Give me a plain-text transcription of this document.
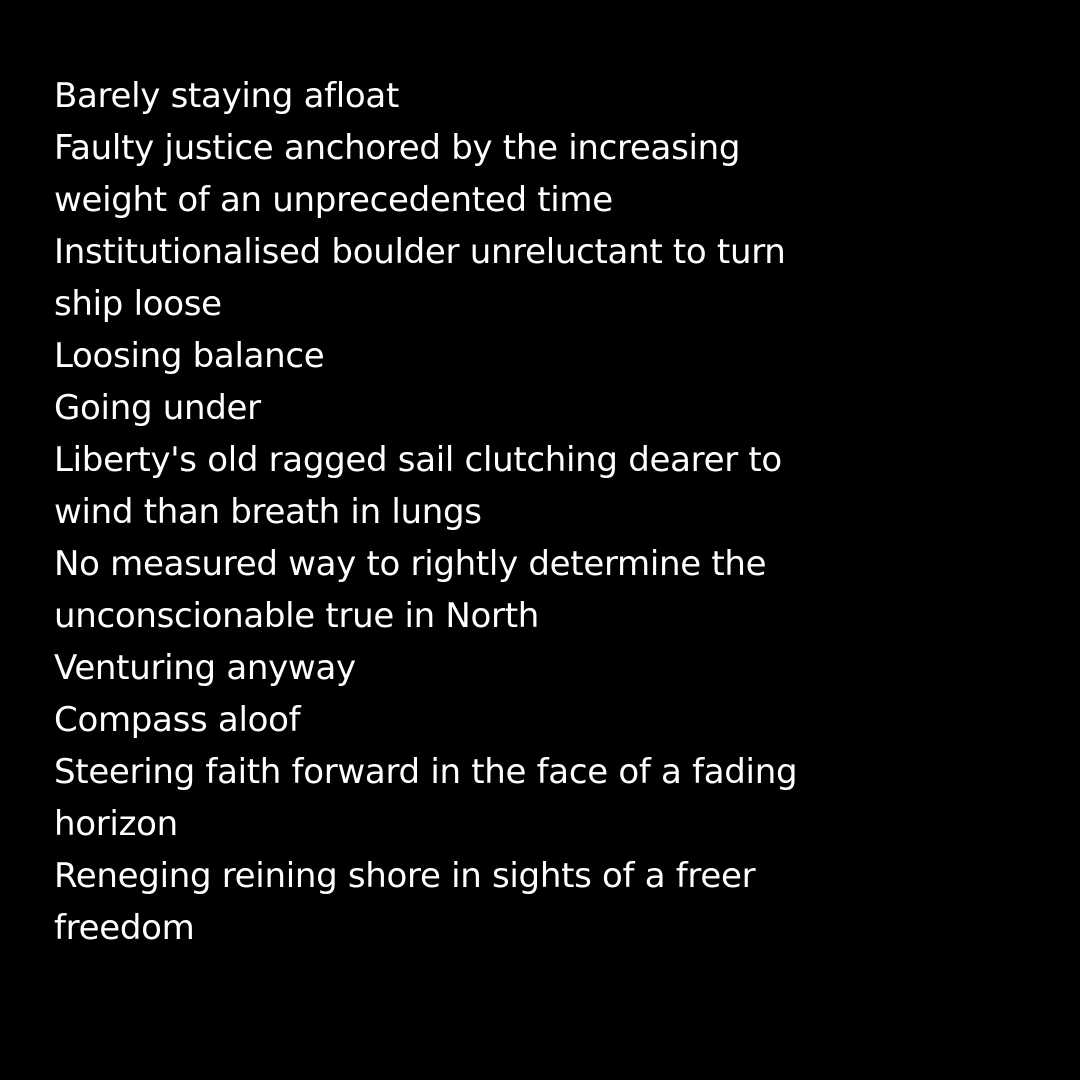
Barely staying afloat
Faulty justice anchored by the increasing
weight of an unprecedented time
Institutionalised boulder unreluctant to turn
ship loose
Loosing balance
Going under
Liberty's old ragged sail clutching dearer to
wind than breath in lungs
No measured way to rightly determine the
unconscionable true in North
Venturing anyway
Compass aloof
Steering faith forward in the face of a fading
horizon
Reneging reining shore in sights of a freer
freedom
